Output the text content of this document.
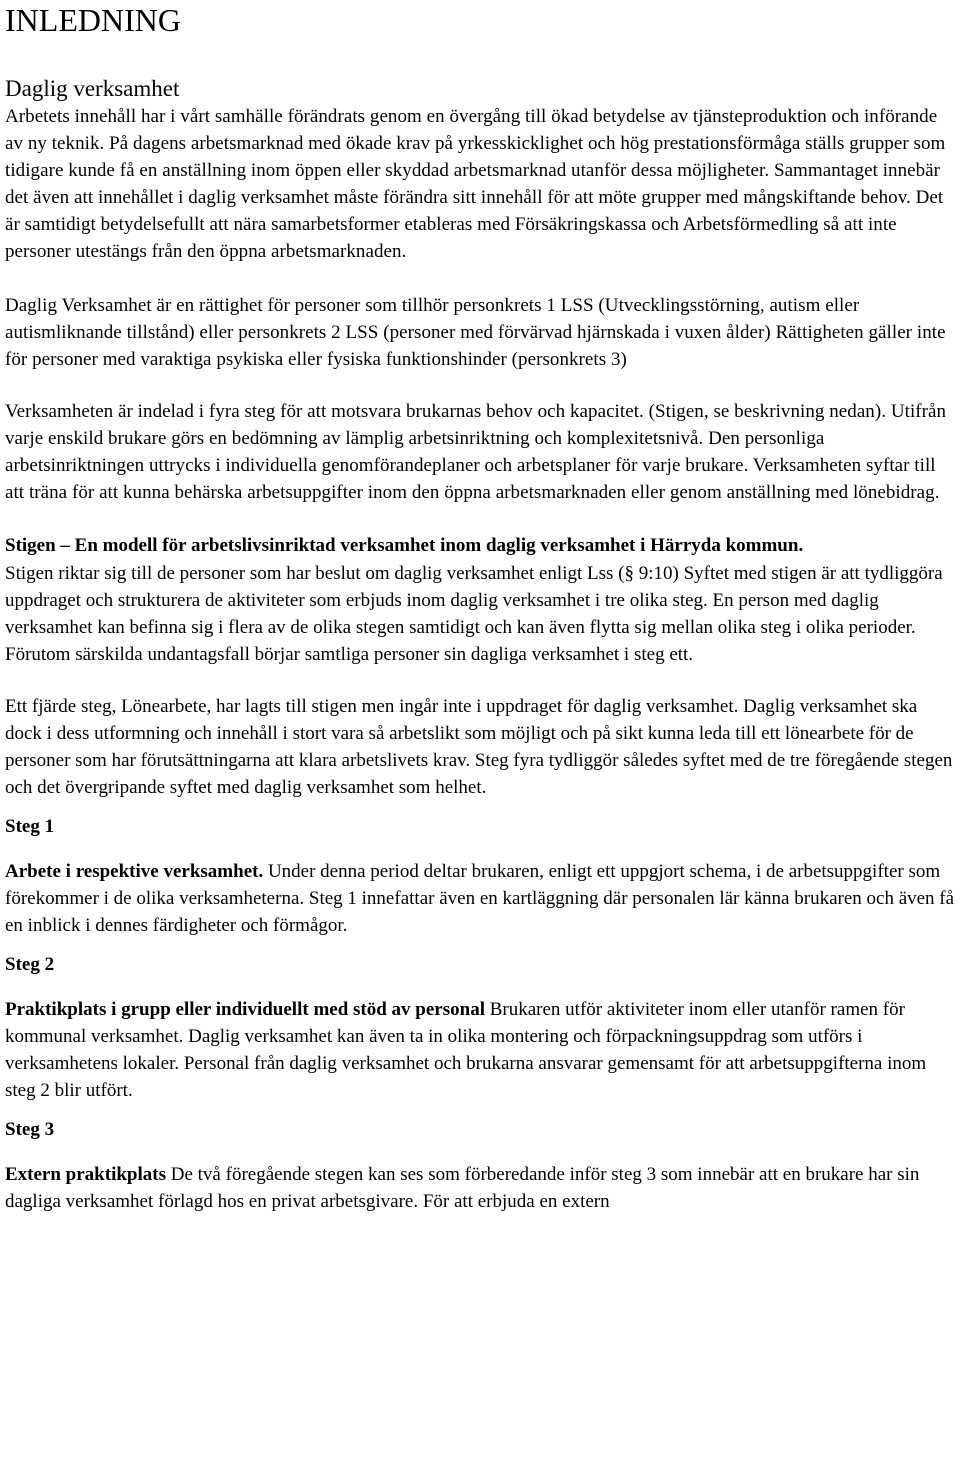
INLEDNING
Daglig verksamhet

Arbetets innehåll har i vårt samhälle förändrats genom en övergång till ökad betydelse av tjänsteproduktion och införande av ny teknik. På dagens arbetsmarknad med ökade krav på yrkesskicklighet och hög prestationsförmåga ställs grupper som tidigare kunde få en anställning inom öppen eller skyddad arbetsmarknad utanför dessa möjligheter. Sammantaget innebär det även att innehållet i daglig verksamhet måste förändra sitt innehåll för att möte grupper med mångskiftande behov. Det är samtidigt betydelsefullt att nära samarbetsformer etableras med Försäkringskassa och Arbetsförmedling så att inte personer utestängs från den öppna arbetsmarknaden.

Daglig Verksamhet är en rättighet för personer som tillhör personkrets 1 LSS (Utvecklingsstörning, autism eller autismliknande tillstånd) eller personkrets 2 LSS (personer med förvärvad hjärnskada i vuxen ålder) Rättigheten gäller inte för personer med varaktiga psykiska eller fysiska funktionshinder (personkrets 3)

Verksamheten är indelad i fyra steg för att motsvara brukarnas behov och kapacitet. (Stigen, se beskrivning nedan). Utifrån varje enskild brukare görs en bedömning av lämplig arbetsinriktning och komplexitetsnivå. Den personliga arbetsinriktningen uttrycks i individuella genomförandeplaner och arbetsplaner för varje brukare. Verksamheten syftar till att träna för att kunna behärska arbetsuppgifter inom den öppna arbetsmarknaden eller genom anställning med lönebidrag.

Stigen – En modell för arbetslivsinriktad verksamhet inom daglig verksamhet i Härryda kommun.

Stigen riktar sig till de personer som har beslut om daglig verksamhet enligt Lss (§ 9:10) Syftet med stigen är att tydliggöra uppdraget och strukturera de aktiviteter som erbjuds inom daglig verksamhet i tre olika steg. En person med daglig verksamhet kan befinna sig i flera av de olika stegen samtidigt och kan även flytta sig mellan olika steg i olika perioder. Förutom särskilda undantagsfall börjar samtliga personer sin dagliga verksamhet i steg ett.

Ett fjärde steg, Lönearbete, har lagts till stigen men ingår inte i uppdraget för daglig verksamhet. Daglig verksamhet ska dock i dess utformning och innehåll i stort vara så arbetslikt som möjligt och på sikt kunna leda till ett lönearbete för de personer som har förutsättningarna att klara arbetslivets krav. Steg fyra tydliggör således syftet med de tre föregående stegen och det övergripande syftet med daglig verksamhet som helhet.

Steg 1

Arbete i respektive verksamhet. Under denna period deltar brukaren, enligt ett uppgjort schema, i de arbetsuppgifter som förekommer i de olika verksamheterna. Steg 1 innefattar även en kartläggning där personalen lär känna brukaren och även få en inblick i dennes färdigheter och förmågor.

Steg 2

Praktikplats i grupp eller individuellt med stöd av personal Brukaren utför aktiviteter inom eller utanför ramen för kommunal verksamhet. Daglig verksamhet kan även ta in olika montering och förpackningsuppdrag som utförs i verksamhetens lokaler. Personal från daglig verksamhet och brukarna ansvarar gemensamt för att arbetsuppgifterna inom steg 2 blir utfört.

Steg 3

Extern praktikplats De två föregående stegen kan ses som förberedande inför steg 3 som innebär att en brukare har sin dagliga verksamhet förlagd hos en privat arbetsgivare. För att erbjuda en extern
